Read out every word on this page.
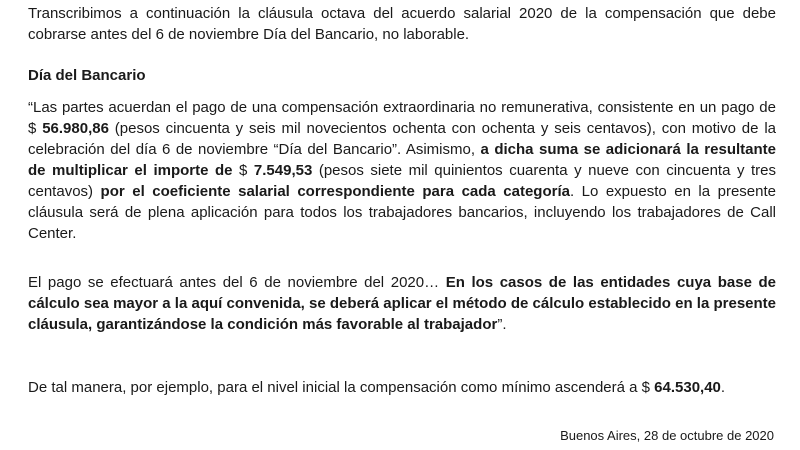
Transcribimos a continuación la cláusula octava del acuerdo salarial 2020 de la compensación que debe cobrarse antes del 6 de noviembre Día del Bancario, no laborable.

Día del Bancario

“Las partes acuerdan el pago de una compensación extraordinaria no remunerativa, consistente en un pago de $ 56.980,86 (pesos cincuenta y seis mil novecientos ochenta con ochenta y seis centavos), con motivo de la celebración del día 6 de noviembre “Día del Bancario”. Asimismo, a dicha suma se adicionará la resultante de multiplicar el importe de $ 7.549,53 (pesos siete mil quinientos cuarenta y nueve con cincuenta y tres centavos) por el coeficiente salarial correspondiente para cada categoría. Lo expuesto en la presente cláusula será de plena aplicación para todos los trabajadores bancarios, incluyendo los trabajadores de Call Center.

El pago se efectuará antes del 6 de noviembre del 2020… En los casos de las entidades cuya base de cálculo sea mayor a la aquí convenida, se deberá aplicar el método de cálculo establecido en la presente cláusula, garantizándose la condición más favorable al trabajador”.

De tal manera, por ejemplo, para el nivel inicial la compensación como mínimo ascenderá a $ 64.530,40.

Buenos Aires, 28 de octubre de 2020
